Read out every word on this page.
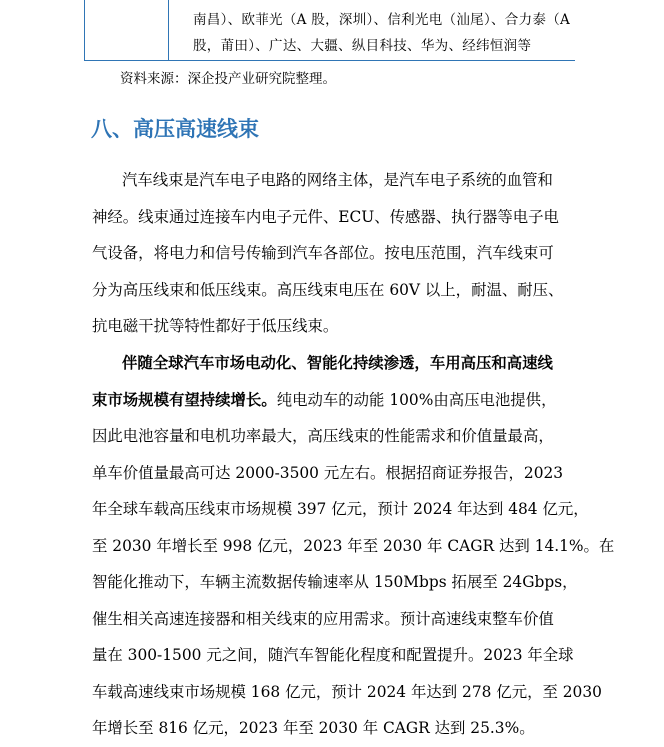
南昌）、欧菲光（A 股，深圳）、信利光电（汕尾）、合力泰（A
股，莆田）、广达、大疆、纵目科技、华为、经纬恒润等
资料来源：深企投产业研究院整理。
八、高压高速线束
汽车线束是汽车电子电路的网络主体，是汽车电子系统的血管和
神经。线束通过连接车内电子元件、ECU、传感器、执行器等电子电
气设备，将电力和信号传输到汽车各部位。按电压范围，汽车线束可
分为高压线束和低压线束。高压线束电压在 60V 以上，耐温、耐压、
抗电磁干扰等特性都好于低压线束。
伴随全球汽车市场电动化、智能化持续渗透，车用高压和高速线
束市场规模有望持续增长。纯电动车的动能 100%由高压电池提供，
因此电池容量和电机功率最大，高压线束的性能需求和价值量最高，
单车价值量最高可达 2000-3500 元左右。根据招商证券报告，2023
年全球车载高压线束市场规模 397 亿元，预计 2024 年达到 484 亿元，
至 2030 年增长至 998 亿元，2023 年至 2030 年 CAGR 达到 14.1%。在
智能化推动下，车辆主流数据传输速率从 150Mbps 拓展至 24Gbps，
催生相关高速连接器和相关线束的应用需求。预计高速线束整车价值
量在 300-1500 元之间，随汽车智能化程度和配置提升。2023 年全球
车载高速线束市场规模 168 亿元，预计 2024 年达到 278 亿元，至 2030
年增长至 816 亿元，2023 年至 2030 年 CAGR 达到 25.3%。
